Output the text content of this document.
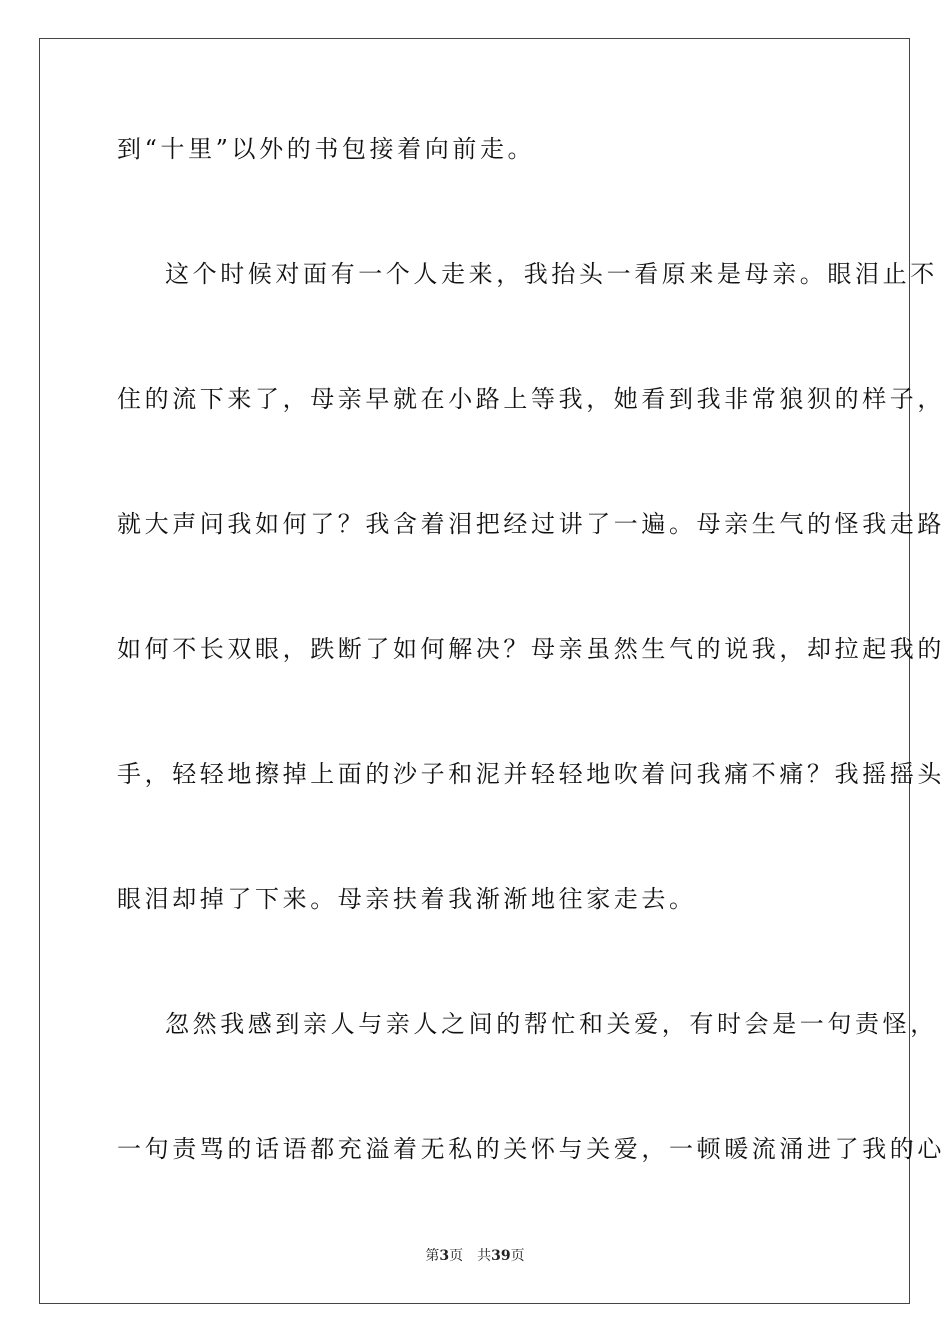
到“十里”以外的书包接着向前走。
这个时候对面有一个人走来，我抬头一看原来是母亲。眼泪止不
住的流下来了，母亲早就在小路上等我，她看到我非常狼狈的样子，
就大声问我如何了？我含着泪把经过讲了一遍。母亲生气的怪我走路
如何不长双眼，跌断了如何解决？母亲虽然生气的说我，却拉起我的
手，轻轻地擦掉上面的沙子和泥并轻轻地吹着问我痛不痛？我摇摇头
眼泪却掉了下来。母亲扶着我渐渐地往家走去。
忽然我感到亲人与亲人之间的帮忙和关爱，有时会是一句责怪，
一句责骂的话语都充溢着无私的关怀与关爱，一顿暖流涌进了我的心
第3页 共39页
